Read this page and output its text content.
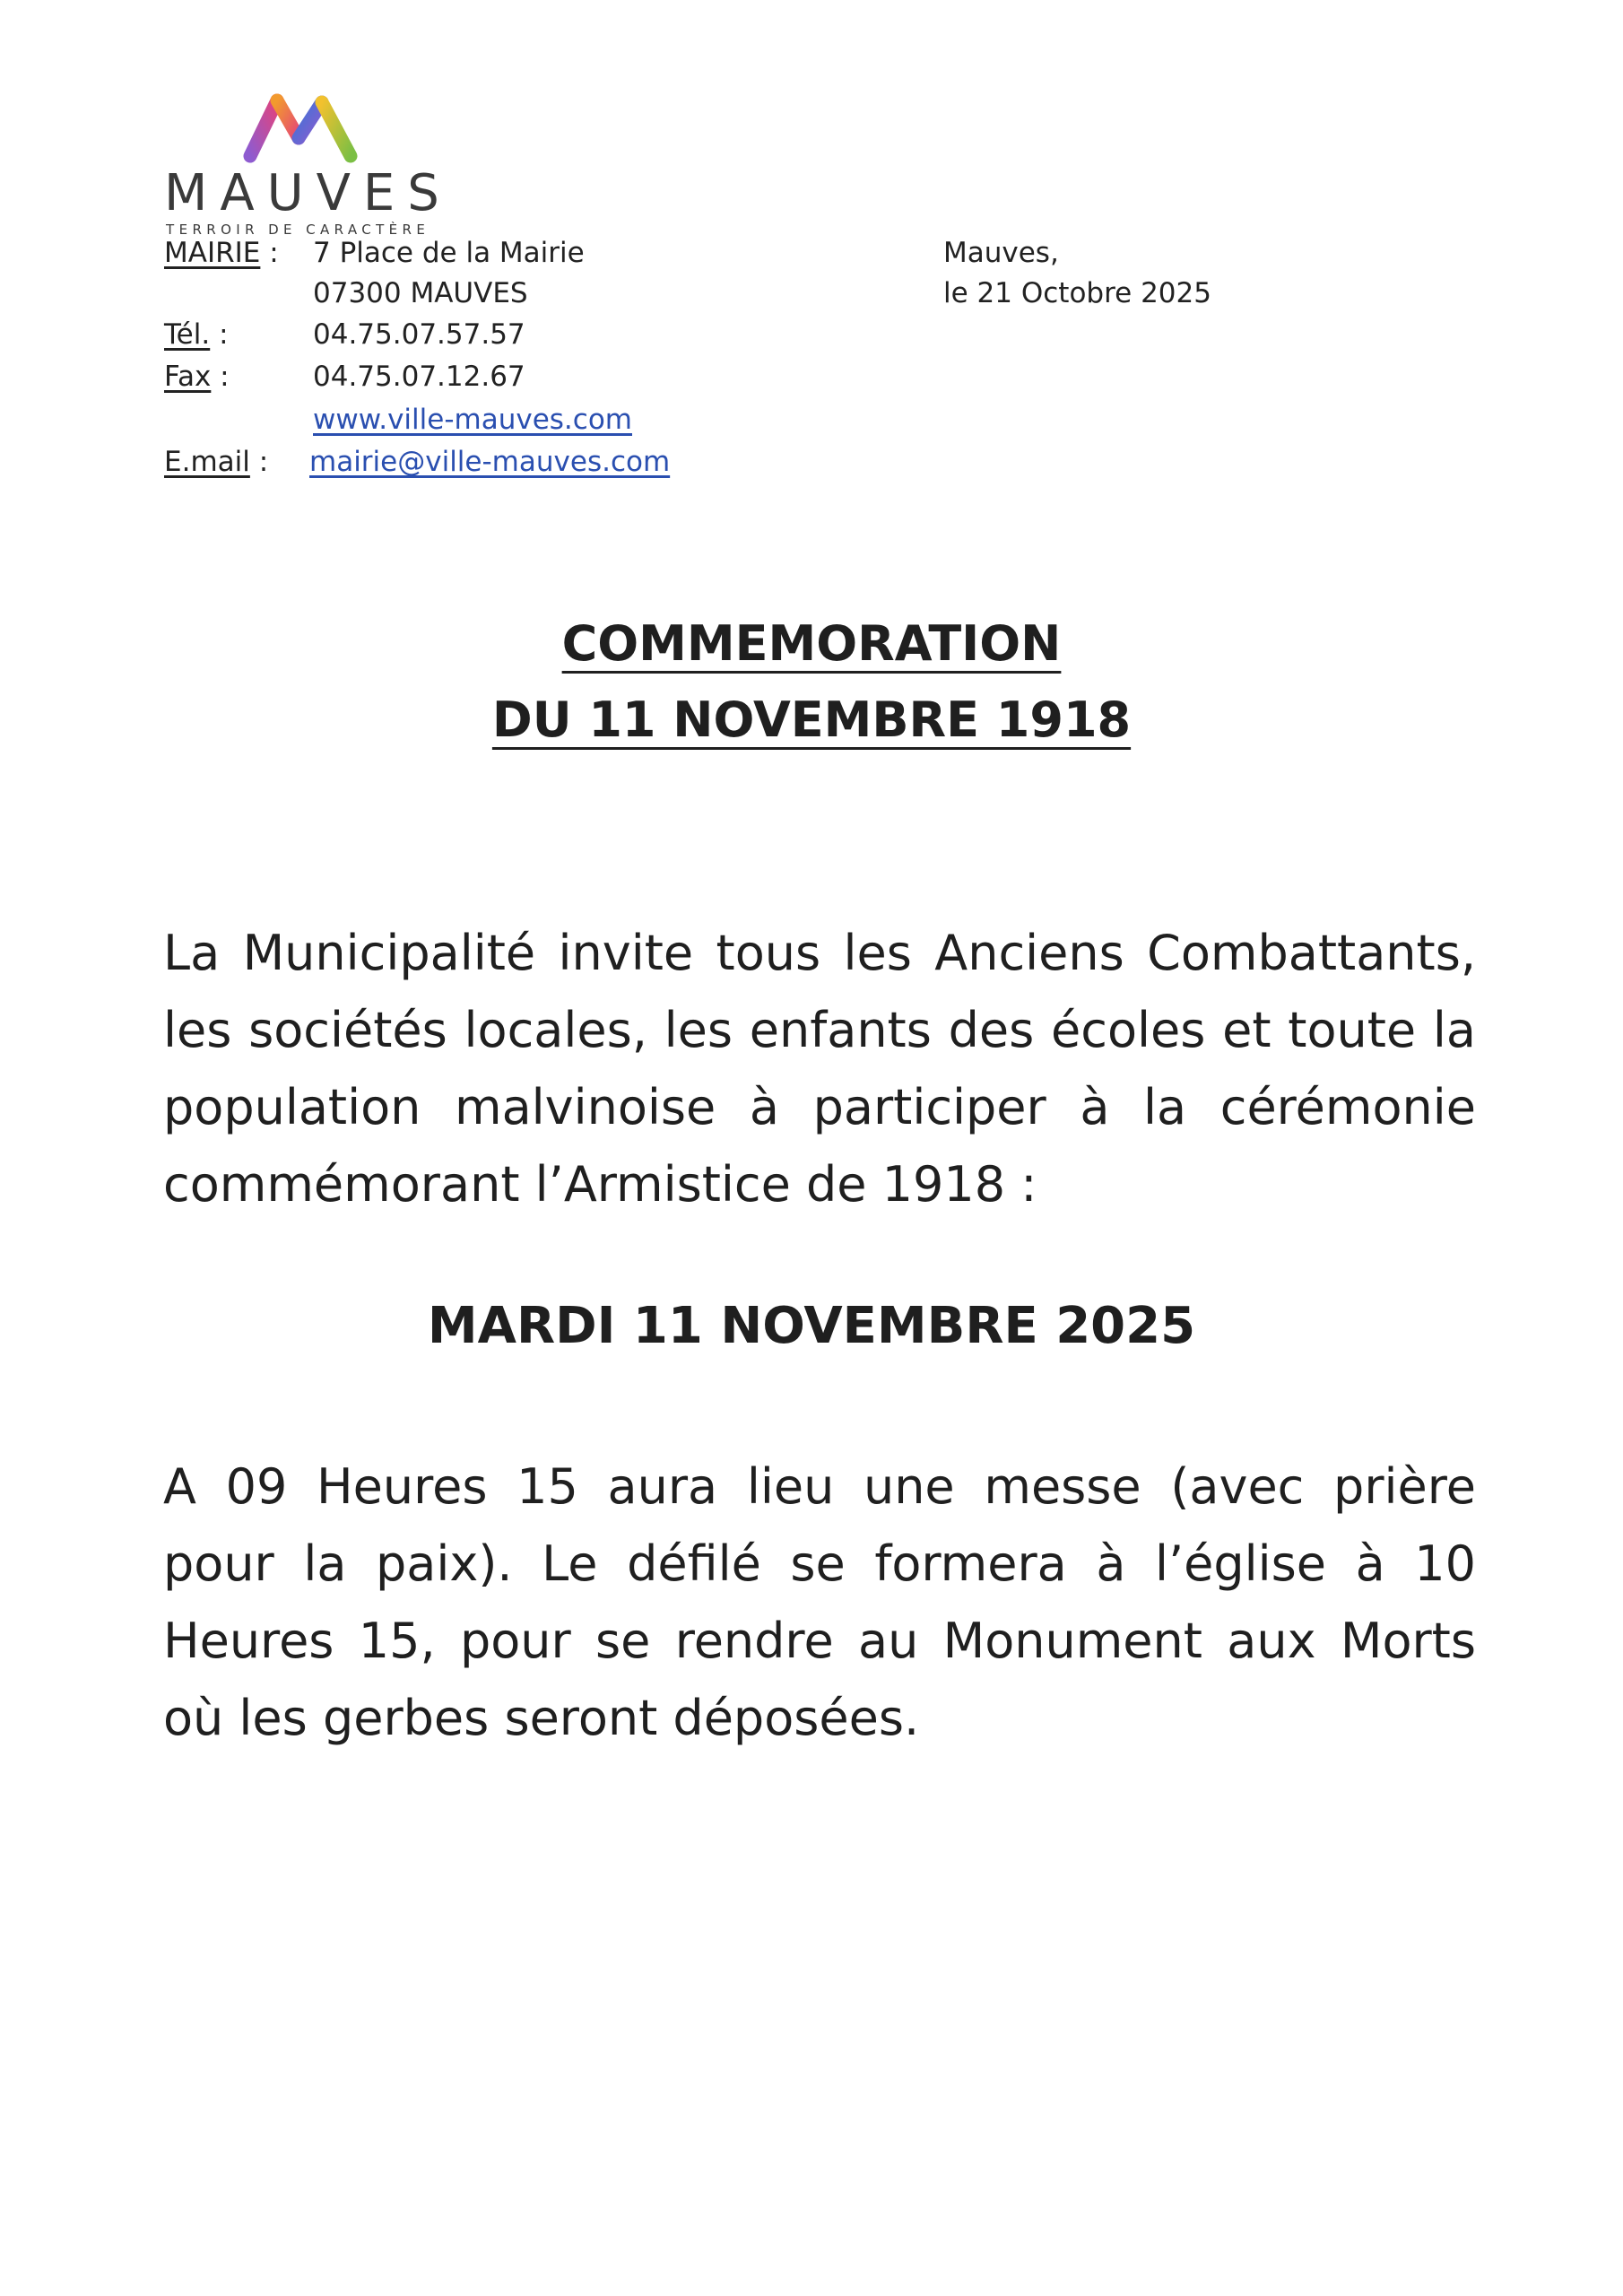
MAUVES
TERROIR DE CARACTÈRE
MAIRIE : 7 Place de la Mairie
07300 MAUVES
Tél. :	04.75.07.57.57
Fax :	04.75.07.12.67
www.ville-mauves.com
E.mail : mairie@ville-mauves.com
Mauves,
le 21 Octobre 2025
COMMEMORATION
DU 11 NOVEMBRE 1918
La Municipalité invite tous les Anciens Combattants, les sociétés locales, les enfants des écoles et toute la population malvinoise à participer à la cérémonie commémorant l’Armistice de 1918 :
MARDI 11 NOVEMBRE 2025
A 09 Heures 15 aura lieu une messe (avec prière pour la paix). Le défilé se formera à l’église à 10 Heures 15, pour se rendre au Monument aux Morts où les gerbes seront déposées.
